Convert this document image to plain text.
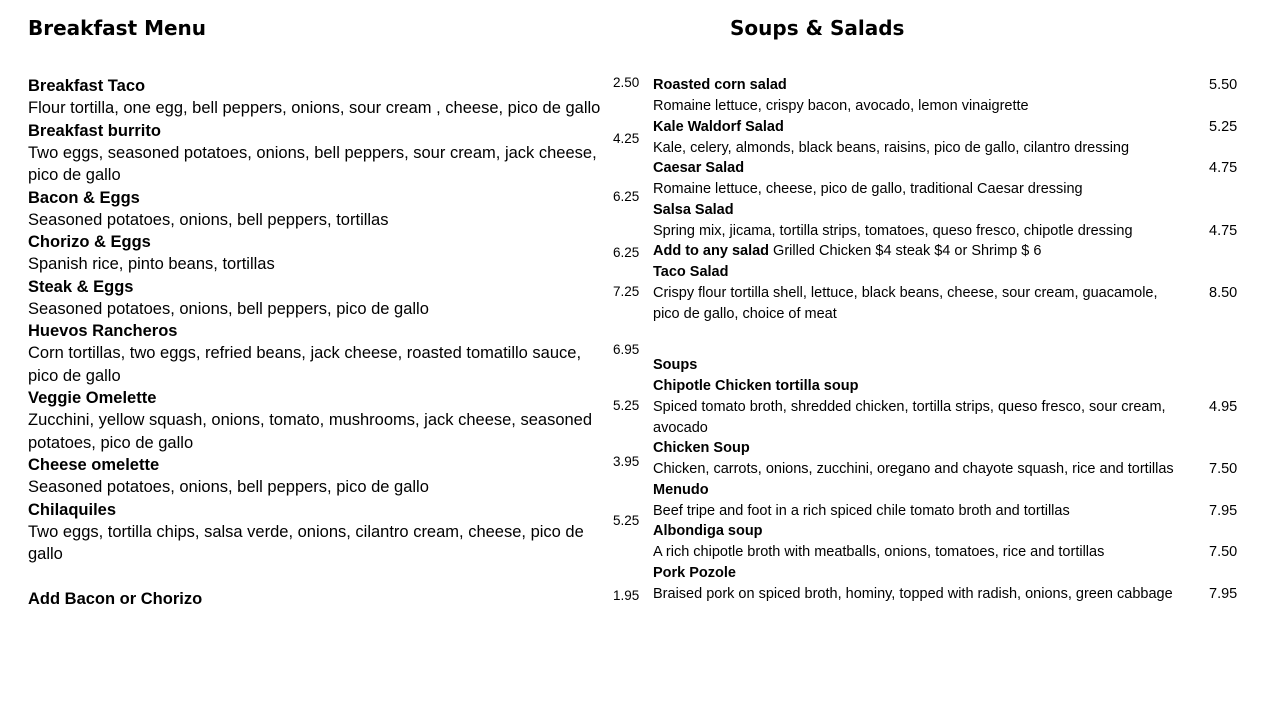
Breakfast Menu	Soups & Salads
Breakfast Taco
Flour tortilla, one egg, bell peppers, onions, sour cream , cheese, pico de gallo
2.50
Breakfast burrito
Two eggs, seasoned potatoes, onions, bell peppers, sour cream, jack cheese, pico de gallo
4.25
Bacon & Eggs
Seasoned potatoes, onions, bell peppers, tortillas
6.25
Chorizo & Eggs
Spanish rice, pinto beans, tortillas
6.25
Steak & Eggs
Seasoned potatoes, onions, bell peppers, pico de gallo
7.25
Huevos Rancheros
Corn tortillas, two eggs, refried beans, jack cheese, roasted tomatillo sauce, pico de gallo
6.95
Veggie Omelette
Zucchini, yellow squash, onions, tomato, mushrooms, jack cheese, seasoned potatoes, pico de gallo
5.25
Cheese omelette
Seasoned potatoes, onions, bell peppers, pico de gallo
3.95
Chilaquiles
Two eggs, tortilla chips, salsa verde, onions, cilantro cream, cheese, pico de gallo
5.25
Add Bacon or Chorizo	1.95
Roasted corn salad
Romaine lettuce, crispy bacon, avocado, lemon vinaigrette
5.50
Kale Waldorf Salad
Kale, celery, almonds, black beans, raisins, pico de gallo, cilantro dressing
5.25
Caesar Salad
Romaine lettuce, cheese, pico de gallo, traditional Caesar dressing
4.75
Salsa Salad
Spring mix, jicama, tortilla strips, tomatoes, queso fresco, chipotle dressing	4.75
Add to any salad Grilled Chicken $4 steak $4 or Shrimp $ 6
Taco Salad
Crispy flour tortilla shell, lettuce, black beans, cheese, sour cream, guacamole, pico de gallo, choice of meat
8.50
Soups
Chipotle Chicken tortilla soup
Spiced tomato broth, shredded chicken, tortilla strips, queso fresco, sour cream, avocado
4.95
Chicken Soup
Chicken, carrots, onions, zucchini, oregano and chayote squash, rice and tortillas	7.50
Menudo
Beef tripe and foot in a rich spiced chile tomato broth and tortillas	7.95
Albondiga soup
A rich chipotle broth with meatballs, onions, tomatoes, rice and tortillas	7.50
Pork Pozole
Braised pork on spiced broth, hominy, topped with radish, onions, green cabbage	7.95
